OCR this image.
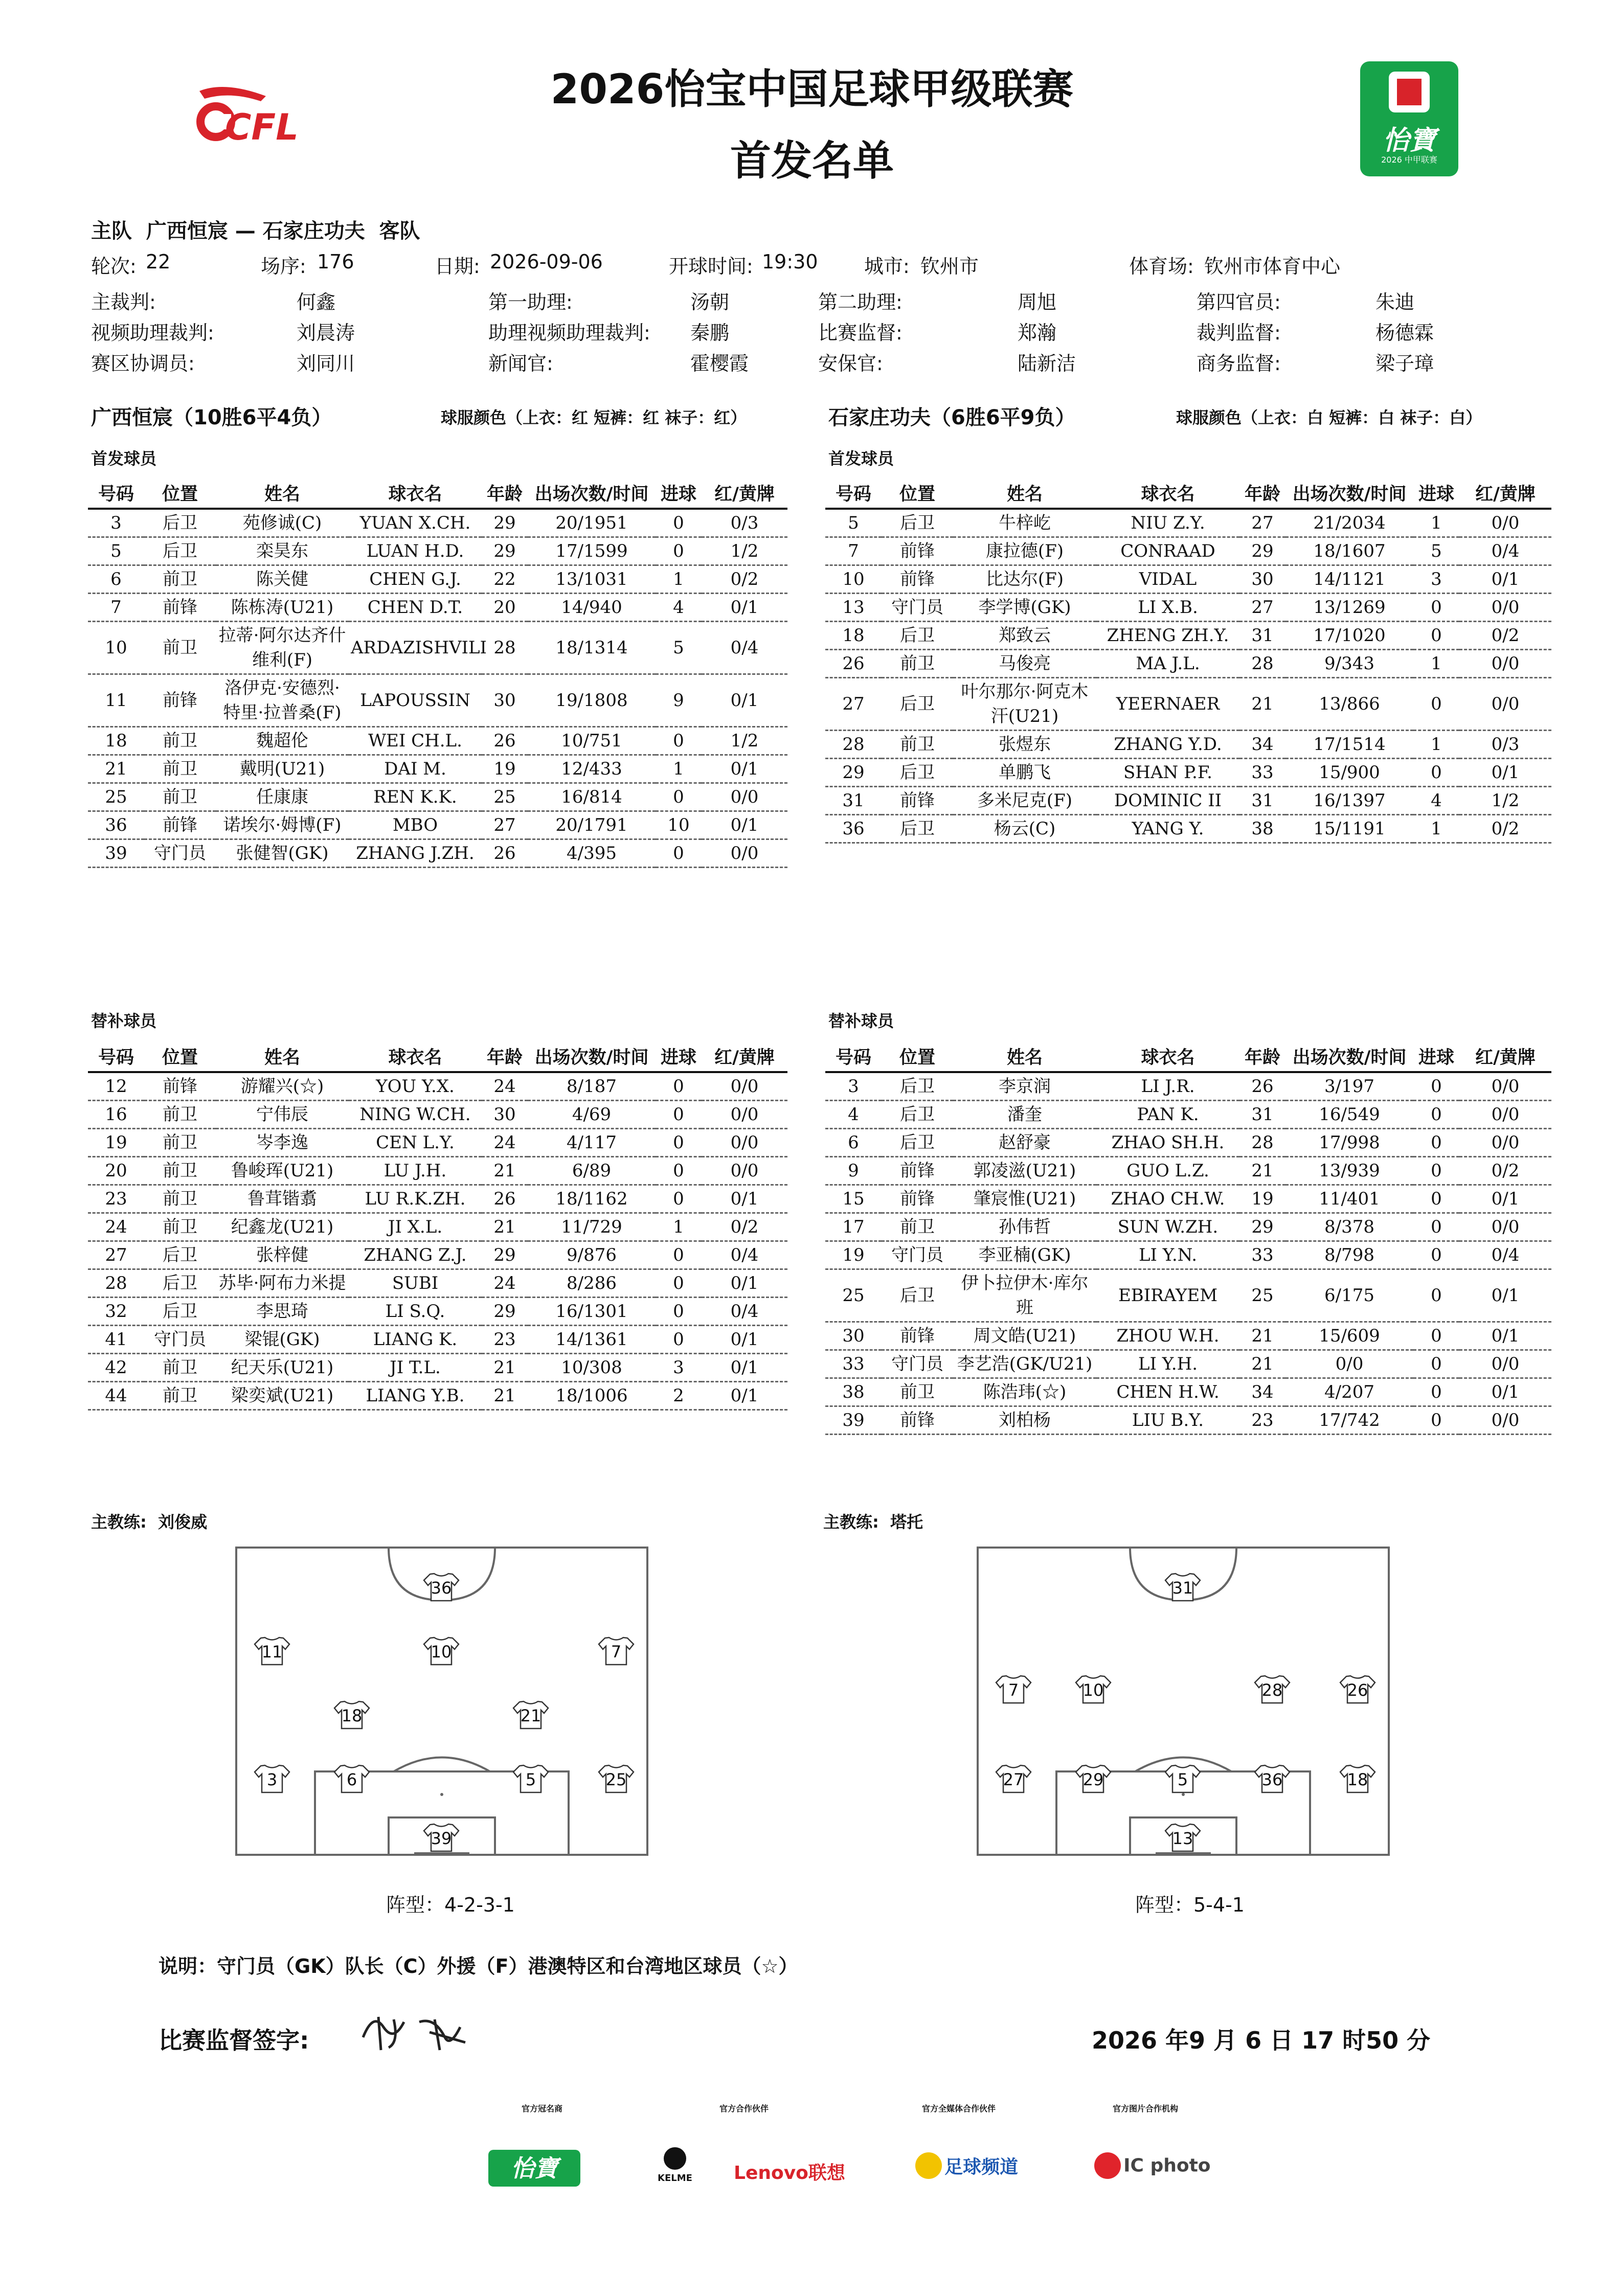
CFL
2026怡宝中国足球甲级联赛
首发名单	怡寶
2026 中甲联赛
主队  广西恒宸 — 石家庄功夫  客队
轮次: 22	场序: 176	日期: 2026-09-06	开球时间: 19:30 城市: 钦州市	体育场: 钦州市体育中心
主裁判:	何鑫	第一助理:	汤朝	第二助理:	周旭	第四官员:	朱迪
视频助理裁判:	刘晨涛	助理视频助理裁判: 秦鹏	比赛监督:	郑瀚	裁判监督:	杨德霖
赛区协调员:	刘同川	新闻官:	霍樱霞	安保官:	陆新洁	商务监督:	梁子璋
广西恒宸（10胜6平4负）	球服颜色（上衣：红 短裤：红 袜子：红）	石家庄功夫（6胜6平9负）	球服颜色（上衣：白 短裤：白 袜子：白）
首发球员	首发球员
替补球员	替补球员
号码	位置	姓名	球衣名	年龄	出场次数/时间	进球	红/黄牌
3	后卫	苑修诚(C)	YUAN X.CH.	29	20/1951	0	0/3
5	后卫	栾昊东	LUAN H.D.	29	17/1599	0	1/2
6	前卫	陈关健	CHEN G.J.	22	13/1031	1	0/2
7	前锋	陈栋涛(U21)	CHEN D.T.	20	14/940	4	0/1
10	前卫	拉蒂·阿尔达齐什维利(F)	ARDAZISHVILI	28	18/1314	5	0/4
11	前锋	洛伊克·安德烈·特里·拉普桑(F)	LAPOUSSIN	30	19/1808	9	0/1
18	前卫	魏超伦	WEI CH.L.	26	10/751	0	1/2
21	前卫	戴明(U21)	DAI M.	19	12/433	1	0/1
25	前卫	任康康	REN K.K.	25	16/814	0	0/0
36	前锋	诺埃尔·姆博(F)	MBO	27	20/1791	10	0/1
39	守门员	张健智(GK)	ZHANG J.ZH.	26	4/395	0	0/0
号码	位置	姓名	球衣名	年龄	出场次数/时间	进球	红/黄牌
5	后卫	牛梓屹	NIU Z.Y.	27	21/2034	1	0/0
7	前锋	康拉德(F)	CONRAAD	29	18/1607	5	0/4
10	前锋	比达尔(F)	VIDAL	30	14/1121	3	0/1
13	守门员	李学博(GK)	LI X.B.	27	13/1269	0	0/0
18	后卫	郑致云	ZHENG ZH.Y.	31	17/1020	0	0/2
26	前卫	马俊亮	MA J.L.	28	9/343	1	0/0
27	后卫	叶尔那尔·阿克木汗(U21)	YEERNAER	21	13/866	0	0/0
28	前卫	张煜东	ZHANG Y.D.	34	17/1514	1	0/3
29	后卫	单鹏飞	SHAN P.F.	33	15/900	0	0/1
31	前锋	多米尼克(F)	DOMINIC II	31	16/1397	4	1/2
36	后卫	杨云(C)	YANG Y.	38	15/1191	1	0/2
号码	位置	姓名	球衣名	年龄	出场次数/时间	进球	红/黄牌
12	前锋	游耀兴(☆)	YOU Y.X.	24	8/187	0	0/0
16	前卫	宁伟辰	NING W.CH.	30	4/69	0	0/0
19	前卫	岑李逸	CEN L.Y.	24	4/117	0	0/0
20	前卫	鲁峻珲(U21)	LU J.H.	21	6/89	0	0/0
23	前卫	鲁茸锴翥	LU R.K.ZH.	26	18/1162	0	0/1
24	前卫	纪鑫龙(U21)	JI X.L.	21	11/729	1	0/2
27	后卫	张梓健	ZHANG Z.J.	29	9/876	0	0/4
28	后卫	苏毕·阿布力米提	SUBI	24	8/286	0	0/1
32	后卫	李思琦	LI S.Q.	29	16/1301	0	0/4
41	守门员	梁锟(GK)	LIANG K.	23	14/1361	0	0/1
42	前卫	纪天乐(U21)	JI T.L.	21	10/308	3	0/1
44	前卫	梁奕斌(U21)	LIANG Y.B.	21	18/1006	2	0/1
号码	位置	姓名	球衣名	年龄	出场次数/时间	进球	红/黄牌
3	后卫	李京润	LI J.R.	26	3/197	0	0/0
4	后卫	潘奎	PAN K.	31	16/549	0	0/0
6	后卫	赵舒豪	ZHAO SH.H.	28	17/998	0	0/0
9	前锋	郭凌滋(U21)	GUO L.Z.	21	13/939	0	0/2
15	前锋	肇宸惟(U21)	ZHAO CH.W.	19	11/401	0	0/1
17	前卫	孙伟哲	SUN W.ZH.	29	8/378	0	0/0
19	守门员	李亚楠(GK)	LI Y.N.	33	8/798	0	0/4
25	后卫	伊卜拉伊木·库尔班	EBIRAYEM	25	6/175	0	0/1
30	前锋	周文皓(U21)	ZHOU W.H.	21	15/609	0	0/1
33	守门员	李艺浩(GK/U21)	LI Y.H.	21	0/0	0	0/0
38	前卫	陈浩玮(☆)	CHEN H.W.	34	4/207	0	0/1
39	前锋	刘柏杨	LIU B.Y.	23	17/742	0	0/0
主教练:  刘俊威	主教练:  塔托
36
11	10	7
18	21
3	6	5	25
39
31
7	10	28	26
27	29	5	36	18
13
阵型：4-2-3-1	阵型：5-4-1
说明：守门员（GK）队长（C）外援（F）港澳特区和台湾地区球员（☆）
比赛监督签字:	2026 年9 月 6 日 17 时50 分
官方冠名商	官方合作伙伴	官方全媒体合作伙伴	官方图片合作机构
怡寶	KELME	Lenovo联想	足球频道	IC photo
